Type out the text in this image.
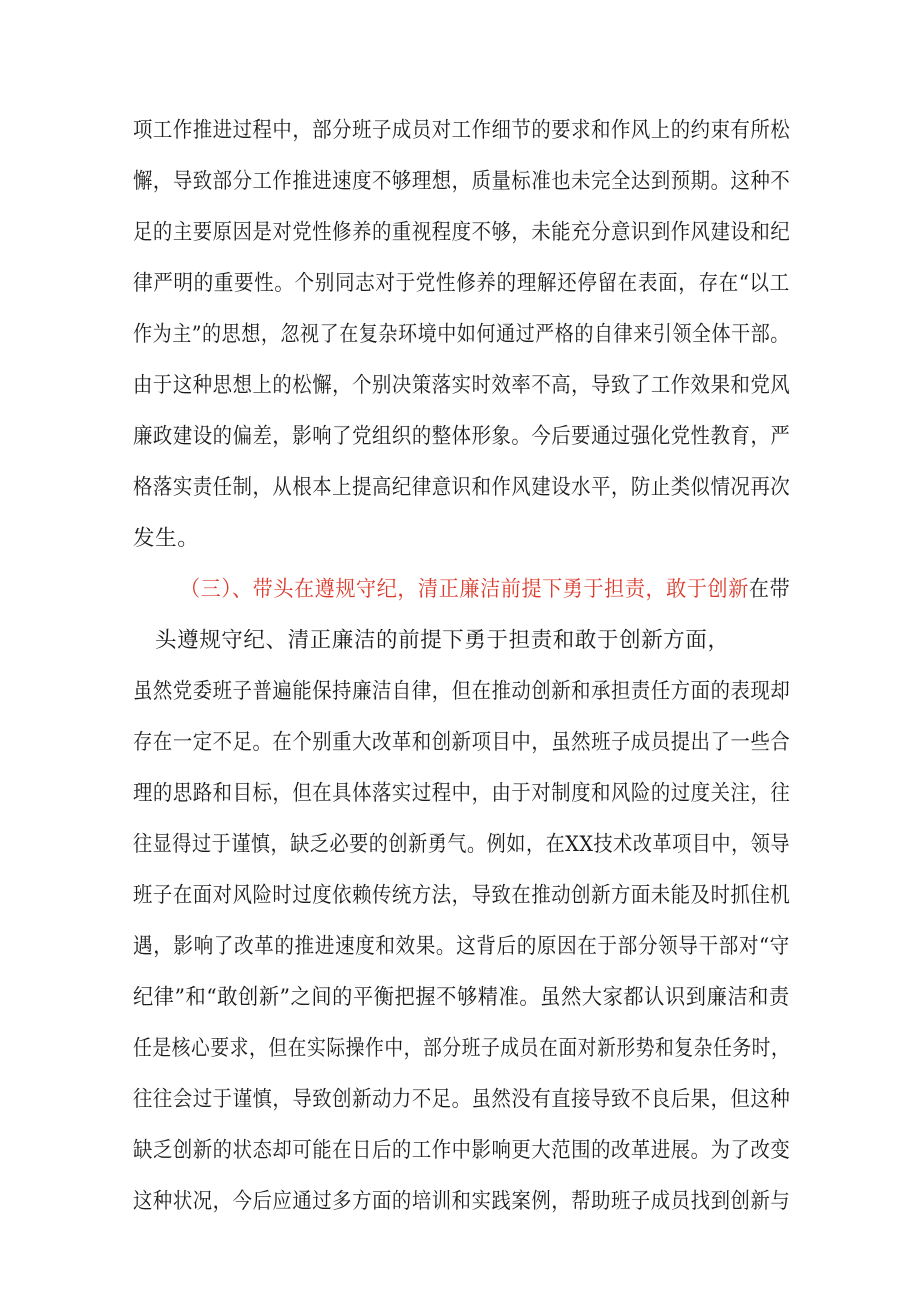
项工作推进过程中，部分班子成员对工作细节的要求和作风上的约束有所松
懈，导致部分工作推进速度不够理想，质量标准也未完全达到预期。这种不
足的主要原因是对党性修养的重视程度不够，未能充分意识到作风建设和纪
律严明的重要性。个别同志对于党性修养的理解还停留在表面，存在“以工
作为主”的思想，忽视了在复杂环境中如何通过严格的自律来引领全体干部。
由于这种思想上的松懈，个别决策落实时效率不高，导致了工作效果和党风
廉政建设的偏差，影响了党组织的整体形象。今后要通过强化党性教育，严
格落实责任制，从根本上提高纪律意识和作风建设水平，防止类似情况再次
发生。
（三）、带头在遵规守纪，清正廉洁前提下勇于担责，敢于创新在带
头遵规守纪、清正廉洁的前提下勇于担责和敢于创新方面，
虽然党委班子普遍能保持廉洁自律，但在推动创新和承担责任方面的表现却
存在一定不足。在个别重大改革和创新项目中，虽然班子成员提出了一些合
理的思路和目标，但在具体落实过程中，由于对制度和风险的过度关注，往
往显得过于谨慎，缺乏必要的创新勇气。例如，在XX技术改革项目中，领导
班子在面对风险时过度依赖传统方法，导致在推动创新方面未能及时抓住机
遇，影响了改革的推进速度和效果。这背后的原因在于部分领导干部对“守
纪律”和“敢创新”之间的平衡把握不够精准。虽然大家都认识到廉洁和责
任是核心要求，但在实际操作中，部分班子成员在面对新形势和复杂任务时，
往往会过于谨慎，导致创新动力不足。虽然没有直接导致不良后果，但这种
缺乏创新的状态却可能在日后的工作中影响更大范围的改革进展。为了改变
这种状况，今后应通过多方面的培训和实践案例，帮助班子成员找到创新与
